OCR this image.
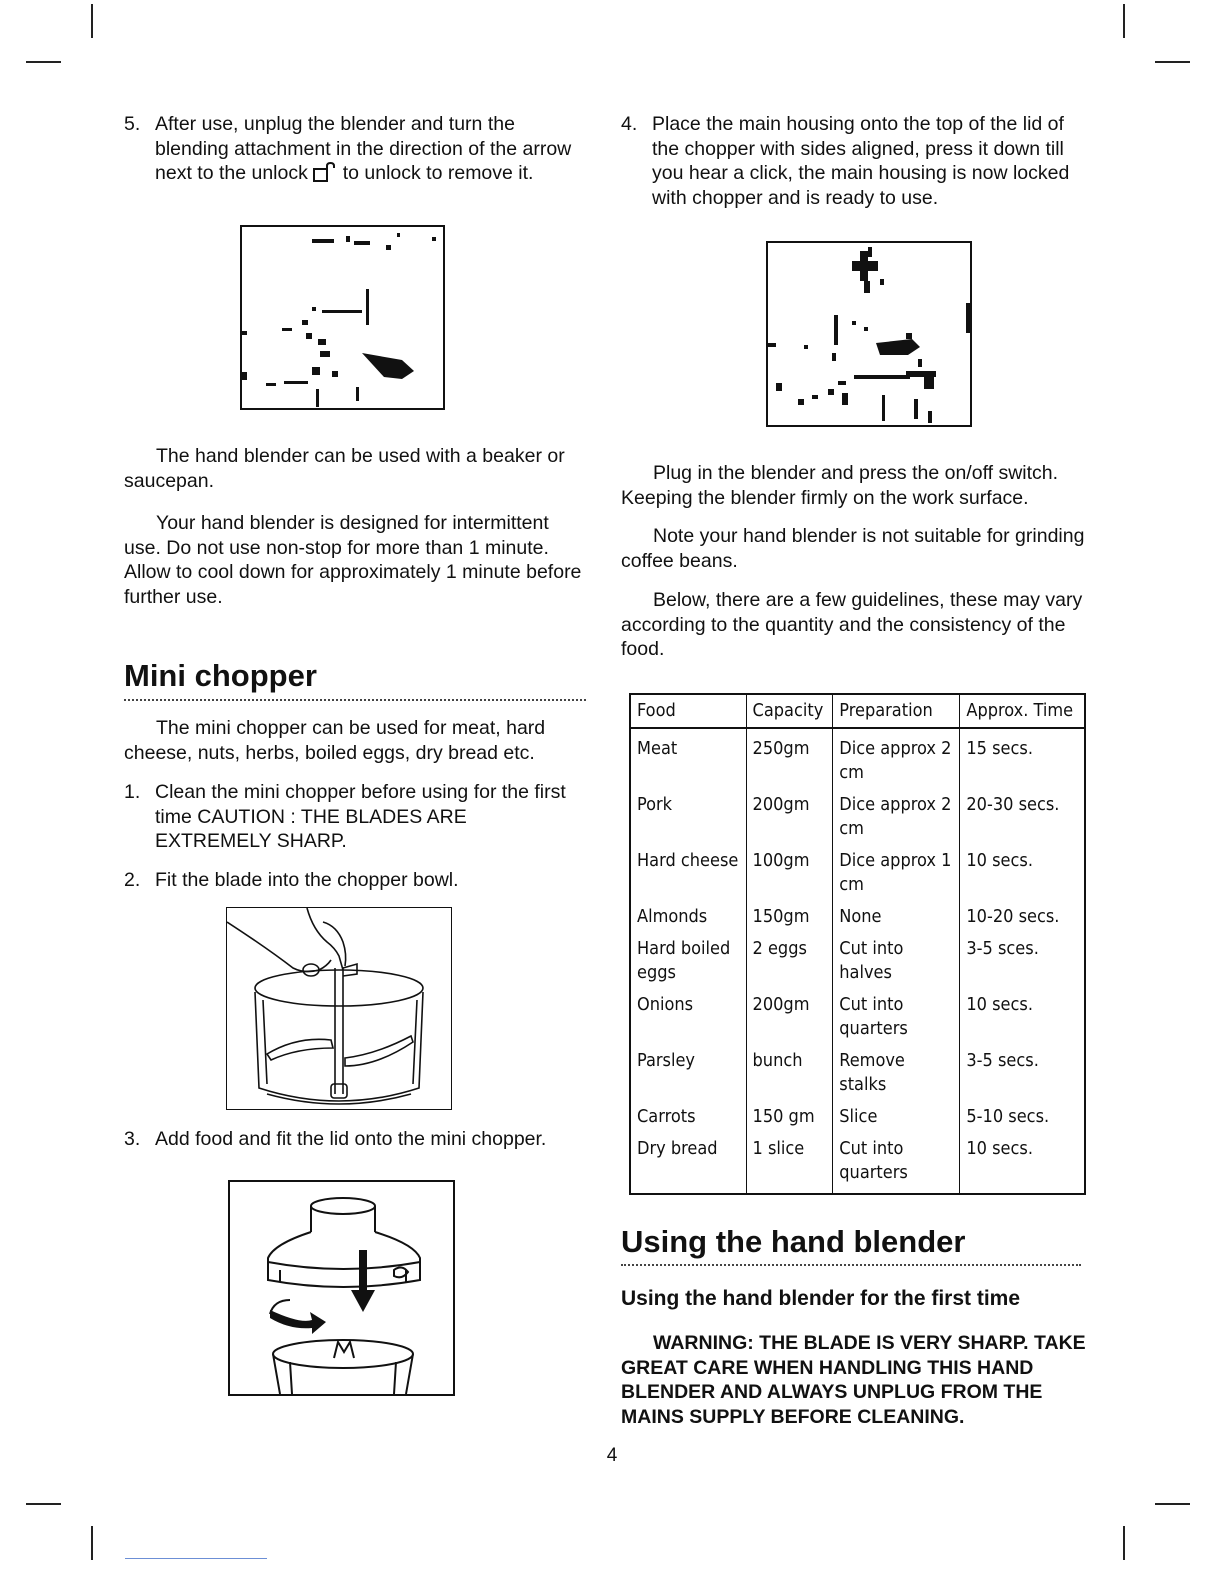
5. After use, unplug the blender and turn the blending attachment in the direction of the arrow next to the unlock to unlock to remove it.

The hand blender can be used with a beaker or saucepan.

Your hand blender is designed for intermittent use. Do not use non-stop for more than 1 minute. Allow to cool down for approximately 1 minute before further use.

Mini chopper

The mini chopper can be used for meat, hard cheese, nuts, herbs, boiled eggs, dry bread etc.

1. Clean the mini chopper before using for the first time CAUTION : THE BLADES ARE EXTREMELY SHARP.
2. Fit the blade into the chopper bowl.
3. Add food and fit the lid onto the mini chopper.
4. Place the main housing onto the top of the lid of the chopper with sides aligned, press it down till you hear a click, the main housing is now locked with chopper and is ready to use.

Plug in the blender and press the on/off switch. Keeping the blender firmly on the work surface.

Note your hand blender is not suitable for grinding coffee beans.

Below, there are a few guidelines, these may vary according to the quantity and the consistency of the food.

Food	Capacity	Preparation	Approx. Time
Meat	250gm	Dice approx 2 cm	15 secs.
Pork	200gm	Dice approx 2 cm	20-30 secs.
Hard cheese	100gm	Dice approx 1 cm	10 secs.
Almonds	150gm	None	10-20 secs.
Hard boiled eggs	2 eggs	Cut into halves	3-5 sces.
Onions	200gm	Cut into quarters	10 secs.
Parsley	bunch	Remove stalks	3-5 secs.
Carrots	150 gm	Slice	5-10 secs.
Dry bread	1 slice	Cut into quarters	10 secs.
Using the hand blender
Using the hand blender for the first time

WARNING: THE BLADE IS VERY SHARP. TAKE GREAT CARE WHEN HANDLING THIS HAND BLENDER AND ALWAYS UNPLUG FROM THE MAINS SUPPLY BEFORE CLEANING.

4
